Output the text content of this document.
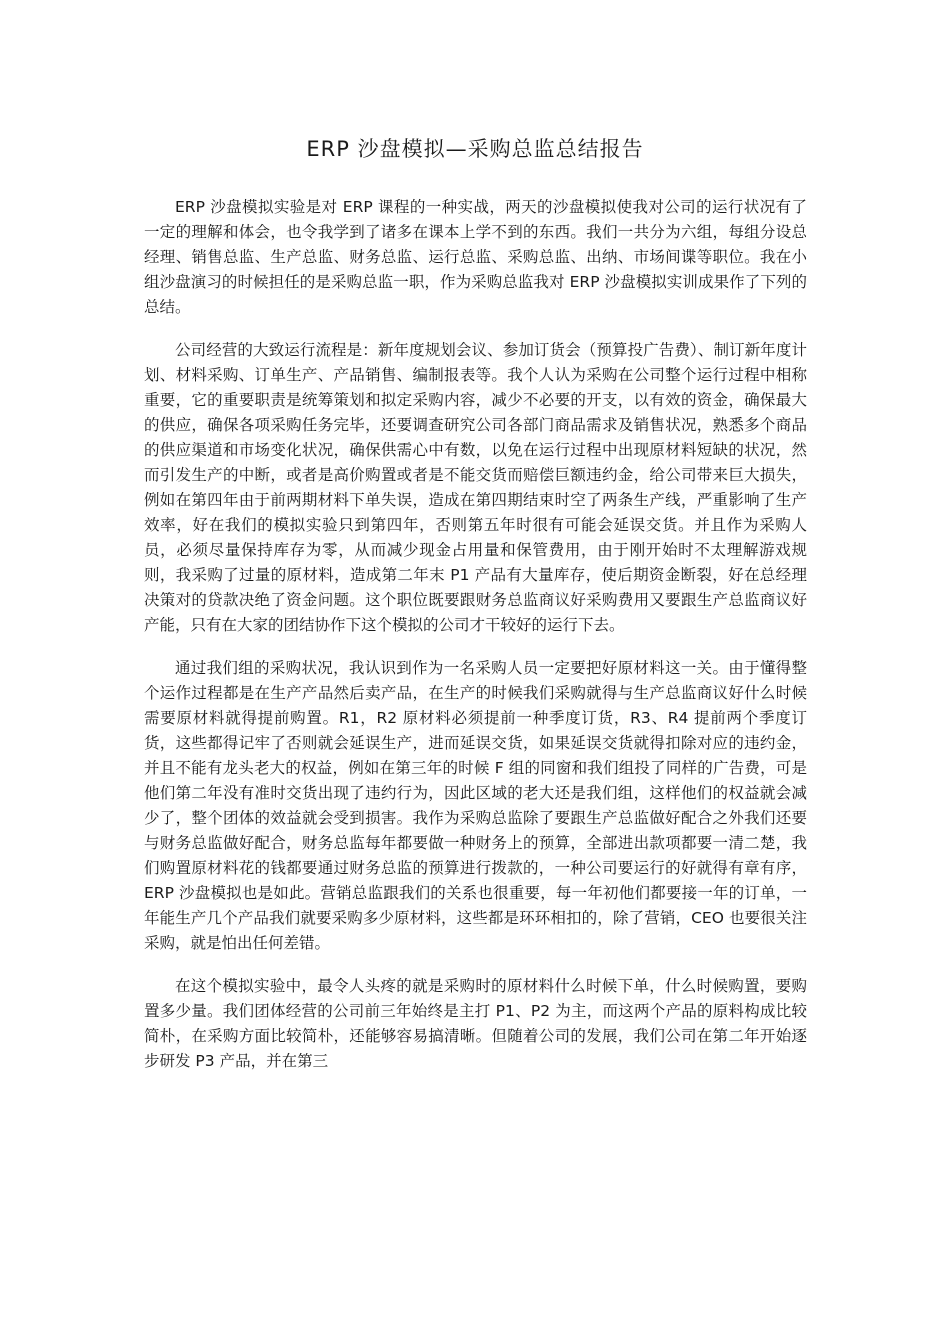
ERP 沙盘模拟—采购总监总结报告

ERP 沙盘模拟实验是对 ERP 课程的一种实战，两天的沙盘模拟使我对公司的运行状况有了一定的理解和体会，也令我学到了诸多在课本上学不到的东西。我们一共分为六组，每组分设总经理、销售总监、生产总监、财务总监、运行总监、采购总监、出纳、市场间谍等职位。我在小组沙盘演习的时候担任的是采购总监一职，作为采购总监我对 ERP 沙盘模拟实训成果作了下列的总结。

公司经营的大致运行流程是：新年度规划会议、参加订货会（预算投广告费）、制订新年度计划、材料采购、订单生产、产品销售、编制报表等。我个人认为采购在公司整个运行过程中相称重要，它的重要职责是统筹策划和拟定采购内容，减少不必要的开支，以有效的资金，确保最大的供应，确保各项采购任务完毕，还要调查研究公司各部门商品需求及销售状况，熟悉多个商品的供应渠道和市场变化状况，确保供需心中有数，以免在运行过程中出现原材料短缺的状况，然而引发生产的中断，或者是高价购置或者是不能交货而赔偿巨额违约金，给公司带来巨大损失，例如在第四年由于前两期材料下单失误，造成在第四期结束时空了两条生产线，严重影响了生产效率，好在我们的模拟实验只到第四年，否则第五年时很有可能会延误交货。并且作为采购人员，必须尽量保持库存为零，从而减少现金占用量和保管费用，由于刚开始时不太理解游戏规则，我采购了过量的原材料，造成第二年末 P1 产品有大量库存，使后期资金断裂，好在总经理决策对的贷款决绝了资金问题。这个职位既要跟财务总监商议好采购费用又要跟生产总监商议好产能，只有在大家的团结协作下这个模拟的公司才干较好的运行下去。

通过我们组的采购状况，我认识到作为一名采购人员一定要把好原材料这一关。由于懂得整个运作过程都是在生产产品然后卖产品，在生产的时候我们采购就得与生产总监商议好什么时候需要原材料就得提前购置。R1，R2 原材料必须提前一种季度订货，R3、R4 提前两个季度订货，这些都得记牢了否则就会延误生产，进而延误交货，如果延误交货就得扣除对应的违约金，并且不能有龙头老大的权益，例如在第三年的时候 F 组的同窗和我们组投了同样的广告费，可是他们第二年没有准时交货出现了违约行为，因此区域的老大还是我们组，这样他们的权益就会减少了，整个团体的效益就会受到损害。我作为采购总监除了要跟生产总监做好配合之外我们还要与财务总监做好配合，财务总监每年都要做一种财务上的预算，全部进出款项都要一清二楚，我们购置原材料花的钱都要通过财务总监的预算进行拨款的，一种公司要运行的好就得有章有序，ERP 沙盘模拟也是如此。营销总监跟我们的关系也很重要，每一年初他们都要接一年的订单，一年能生产几个产品我们就要采购多少原材料，这些都是环环相扣的，除了营销，CEO 也要很关注采购，就是怕出任何差错。

在这个模拟实验中，最令人头疼的就是采购时的原材料什么时候下单，什么时候购置，要购置多少量。我们团体经营的公司前三年始终是主打 P1、P2 为主，而这两个产品的原料构成比较简朴，在采购方面比较简朴，还能够容易搞清晰。但随着公司的发展，我们公司在第二年开始逐步研发 P3 产品，并在第三
